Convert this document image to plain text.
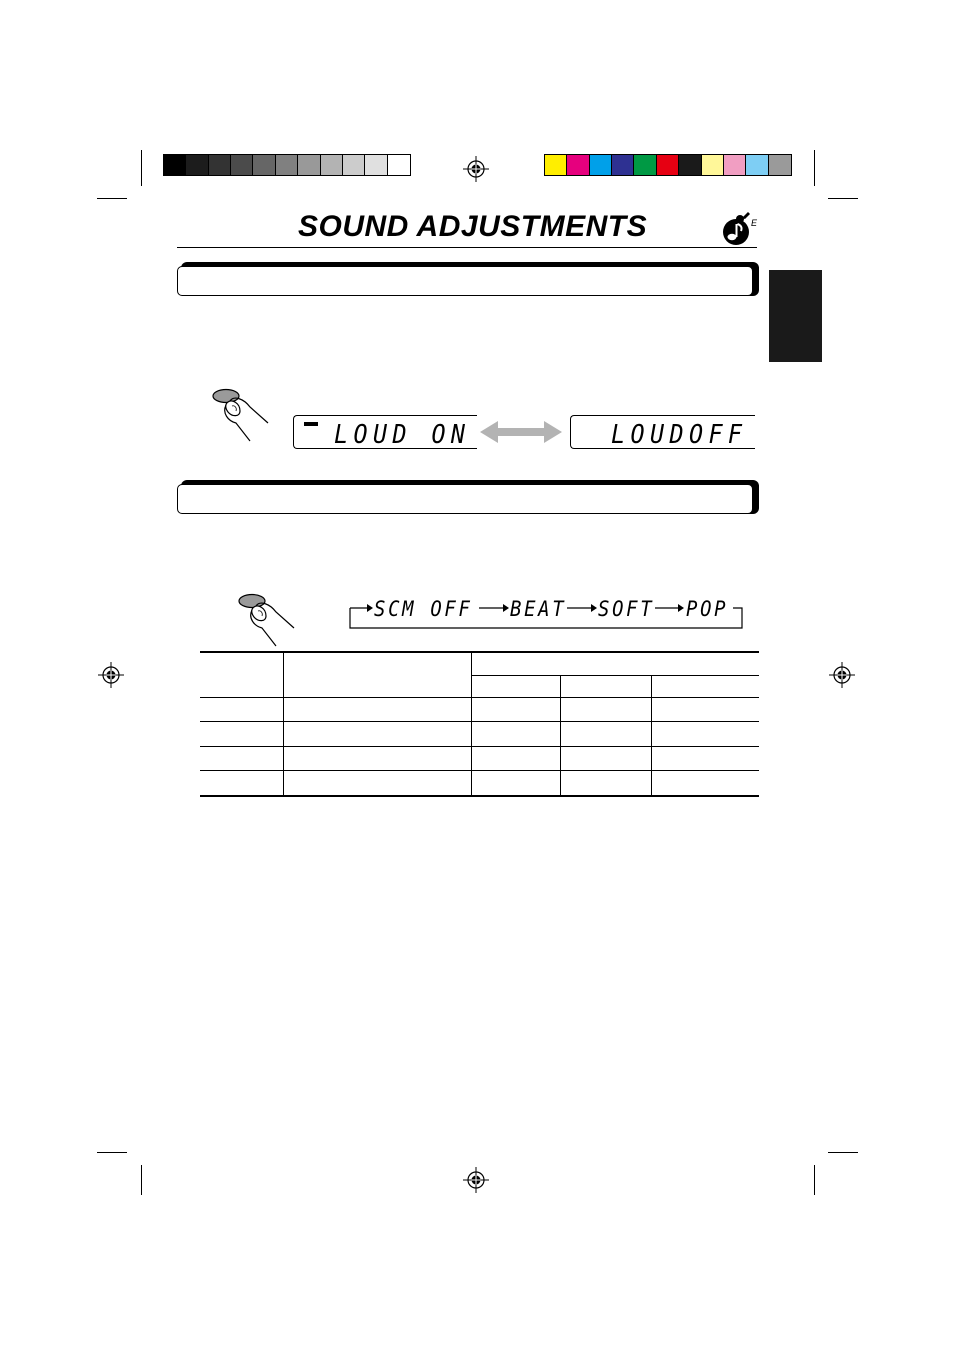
SOUND ADJUSTMENTS	E
LOUD ON	LOUDOFF
SCM OFF BEAT SOFT POP
